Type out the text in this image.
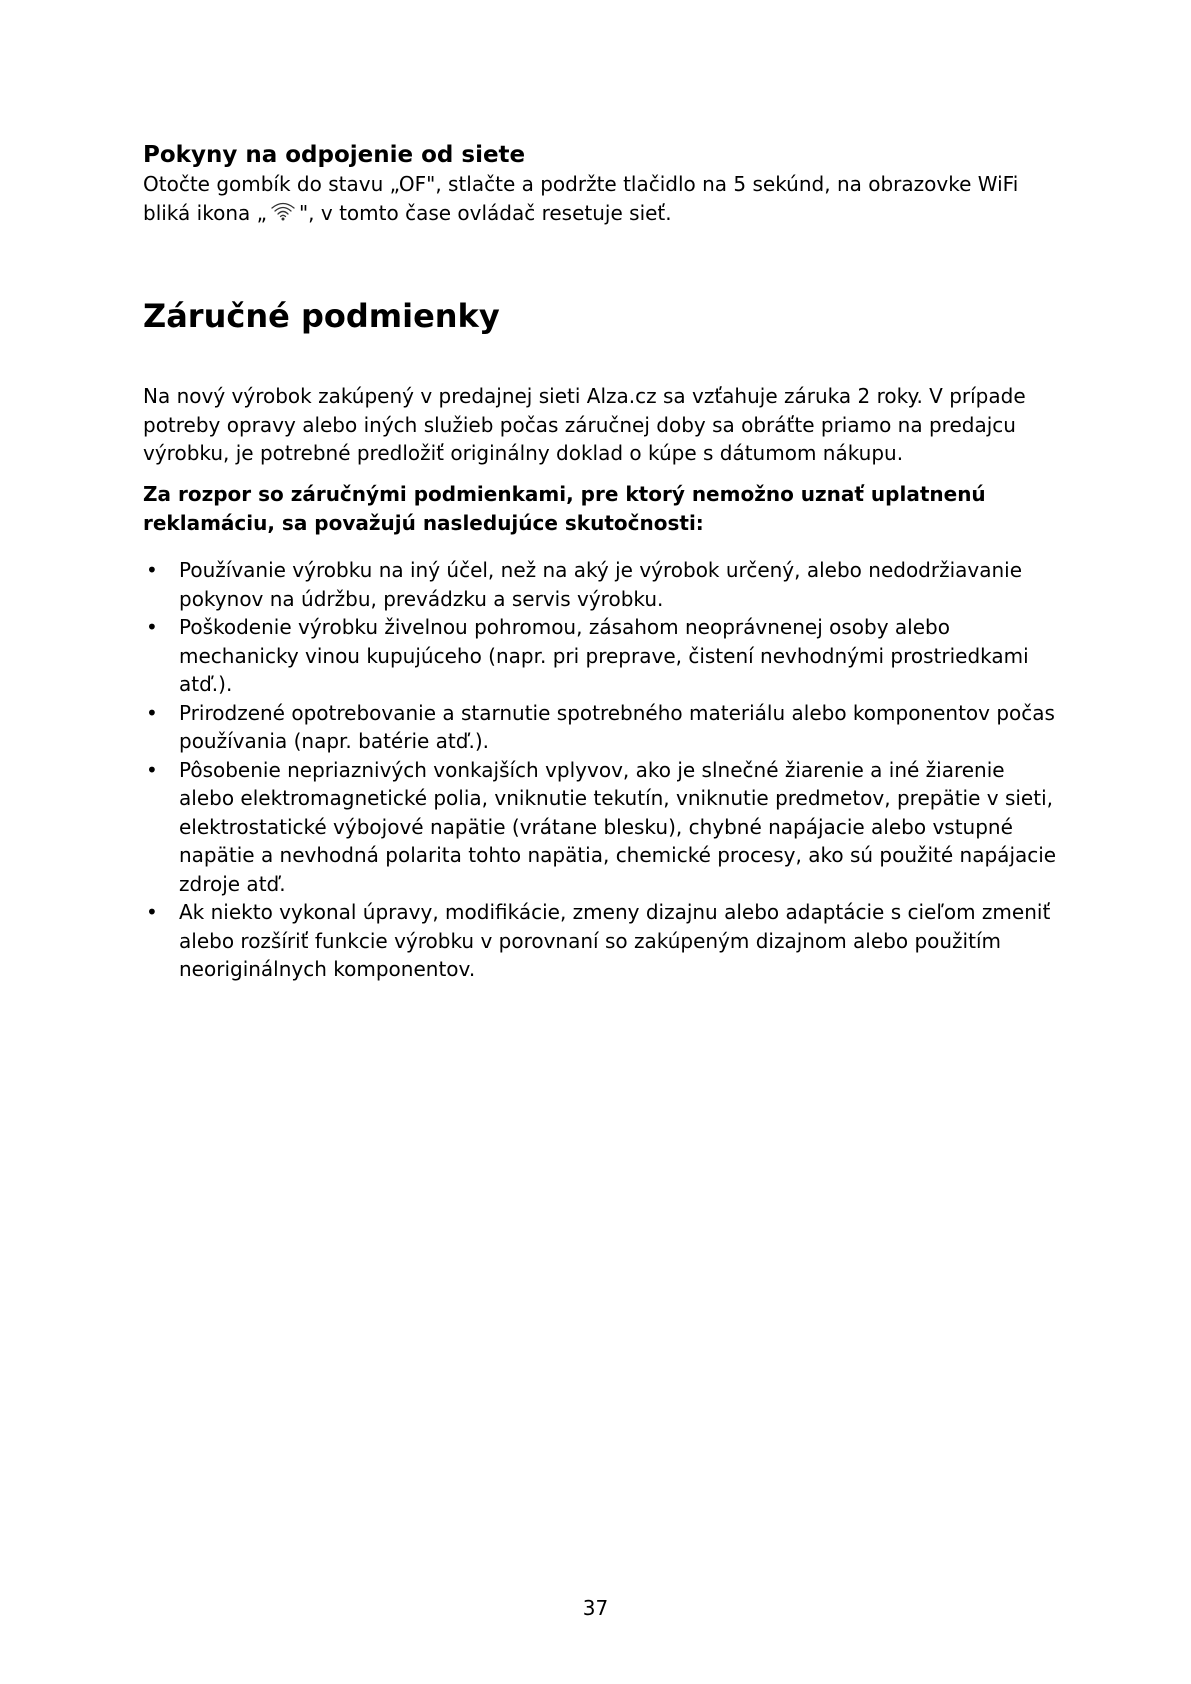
Pokyny na odpojenie od siete

Otočte gombík do stavu „OF", stlačte a podržte tlačidlo na 5 sekúnd, na obrazovke WiFi
bliká ikona „ ", v tomto čase ovládač resetuje sieť.

Záručné podmienky

Na nový výrobok zakúpený v predajnej sieti Alza.cz sa vzťahuje záruka 2 roky. V prípade potreby opravy alebo iných služieb počas záručnej doby sa obráťte priamo na predajcu výrobku, je potrebné predložiť originálny doklad o kúpe s dátumom nákupu.

Za rozpor so záručnými podmienkami, pre ktorý nemožno uznať uplatnenú reklamáciu, sa považujú nasledujúce skutočnosti:

• Používanie výrobku na iný účel, než na aký je výrobok určený, alebo nedodržiavanie pokynov na údržbu, prevádzku a servis výrobku.
• Poškodenie výrobku živelnou pohromou, zásahom neoprávnenej osoby alebo mechanicky vinou kupujúceho (napr. pri preprave, čistení nevhodnými prostriedkami atď.).
• Prirodzené opotrebovanie a starnutie spotrebného materiálu alebo komponentov počas používania (napr. batérie atď.).
• Pôsobenie nepriaznivých vonkajších vplyvov, ako je slnečné žiarenie a iné žiarenie alebo elektromagnetické polia, vniknutie tekutín, vniknutie predmetov, prepätie v sieti, elektrostatické výbojové napätie (vrátane blesku), chybné napájacie alebo vstupné napätie a nevhodná polarita tohto napätia, chemické procesy, ako sú použité napájacie zdroje atď.
• Ak niekto vykonal úpravy, modifikácie, zmeny dizajnu alebo adaptácie s cieľom zmeniť alebo rozšíriť funkcie výrobku v porovnaní so zakúpeným dizajnom alebo použitím neoriginálnych komponentov.

37
